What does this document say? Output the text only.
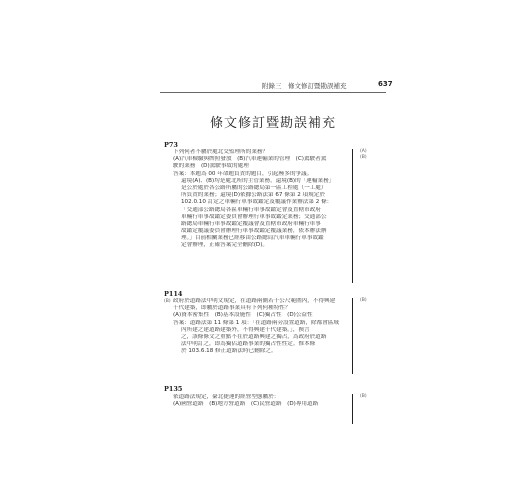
附錄三　條文修訂暨勘誤補充	637
條文修訂暨勘誤補充
P73
下列何者不屬於處北交監理所的業務？
(A)汽車檢驗與牌照發放　(B)汽車運輸業的管理　(C)駕駛者駕
駛的業務　(D)駕駛事故的處理
答案：本題為 00 年命題負責的題目，引起極多的爭議。
還境(A)、(B)均是處北所的主管業務，還境(B)的「運輸業務」
是公於處於各公路所屬的公路總局第一區工程處（一工處）
所負責的業務；還境(D)依據公路法第 67 條第 2 項規定於
102.0.10 訂定之車輛行車事故鑑定及覆議作業辦法第 2 條：
「交通部公路總局各區車輛行車事故鑑定會及直轄市政府
車輛行車事故鑑定委員會辦理行車事故鑑定業務；交通部公
路總局車輛行車事故鑑定覆議會及直轄市政府車輛行車事
故鑑定覆議委員會辦理行車事故鑑定覆議業務，依本辦法辦
理。」目前相關業務已經移由公路總局汽車車輛行車事故鑑
定會辦理，正確答案完全刪除(D)。
(A)
(B)
P114
(B) 政府於道路法中明文規定，在道路兩側若干公尺範圍內，不得興建
干代建築，即屬於道路事業具有下列何種特性？
(A)資本密集性　(B)基本設施性　(C)獨占性　(D)公益性
答案：道路法第 11 條第 1 項：「在道路兩旁設置道路，除都會區域
內所建之建道路建築外，不得興建干代建築。」，換言
之，該條條文之重點不在於道路興建之獨占，為政府於道路
法中明訂之，即為獨佔道路事業的獨占性性定。惟本條
於 103.6.18 修正道路法時已刪除之。
(B)
P135
依道路法規定，臺北捷運的經營型態屬於：
(A)國營道路　(B)地方營道路　(C)民營道路　(D)專用道路
(B)
